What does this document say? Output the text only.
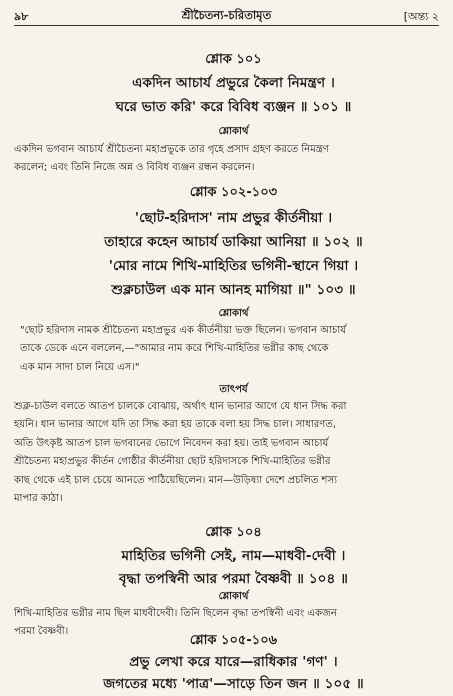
৯৮	শ্রীচৈতন্য-চরিতামৃত	[অন্ত্য ২
শ্লোক ১০১
একদিন আচার্য প্রভুরে কৈলা নিমন্ত্রণ ।
ঘরে ভাত করি' করে বিবিধ ব্যঞ্জন ॥ ১০১ ॥
শ্লোকার্থ

একদিন ভগবান আচার্য শ্রীচৈতন্য মহাপ্রভুকে তার গৃহে প্রসাদ গ্রহণ করতে নিমন্ত্রণ

করলেন; এবং তিনি নিজে অন্ন ও বিবিধ ব্যঞ্জন রন্ধন করলেন।

শ্লোক ১০২-১০৩
'ছোট-হরিদাস' নাম প্রভুর কীর্তনীয়া ।
তাহারে কহেন আচার্য ডাকিয়া আনিয়া ॥ ১০২ ॥
'মোর নামে শিখি-মাহিতির ভগিনী-স্থানে গিয়া ।
শুক্লচাউল এক মান আনহ মাগিয়া ॥" ১০৩ ॥
শ্লোকার্থ

"ছোট হরিদাস নামক শ্রীচৈতন্য মহাপ্রভুর এক কীর্তনীয়া ভক্ত ছিলেন। ভগবান আচার্য

তাকে ডেকে এনে বললেন,—"আমার নাম করে শিখি-মাহিতির ভগ্নীর কাছ থেকে

এক মান সাদা চাল নিয়ে এস।"

তাৎপর্য

শুক্ল-চাউল বলতে আতপ চালকে বোঝায়, অর্থাৎ ধান ভানার আগে যে ধান সিদ্ধ করা

হয়নি। ধান ভানার আগে যদি তা সিদ্ধ করা হয় তাকে বলা হয় সিদ্ধ চাল। সাধারণত,

অতি উৎকৃষ্ট আতপ চাল ভগবানের ভোগে নিবেদন করা হয়। তাই ভগবান আচার্য

শ্রীচৈতন্য মহাপ্রভুর কীর্তন গোষ্ঠীর কীর্তনীয়া ছোট হরিদাসকে শিখি-মাহিতির ভগ্নীর

কাছ থেকে এই চাল চেয়ে আনতে পাঠিয়েছিলেন। মান—উড়িষ্যা দেশে প্রচলিত শস্য

মাপার কাঠা।

শ্লোক ১০৪
মাহিতির ভগিনী সেই, নাম—মাধবী-দেবী ।
বৃদ্ধা তপস্বিনী আর পরমা বৈষ্ণবী ॥ ১০৪ ॥
শ্লোকার্থ

শিখি-মাহিতির ভগ্নীর নাম ছিল মাধবীদেবী। তিনি ছিলেন বৃদ্ধা তপস্বিনী এবং একজন

পরমা বৈষ্ণবী।

শ্লোক ১০৫-১০৬
প্রভু লেখা করে যারে—রাধিকার 'গণ' ।
জগতের মধ্যে 'পাত্র'—সাড়ে তিন জন ॥ ১০৫ ॥
